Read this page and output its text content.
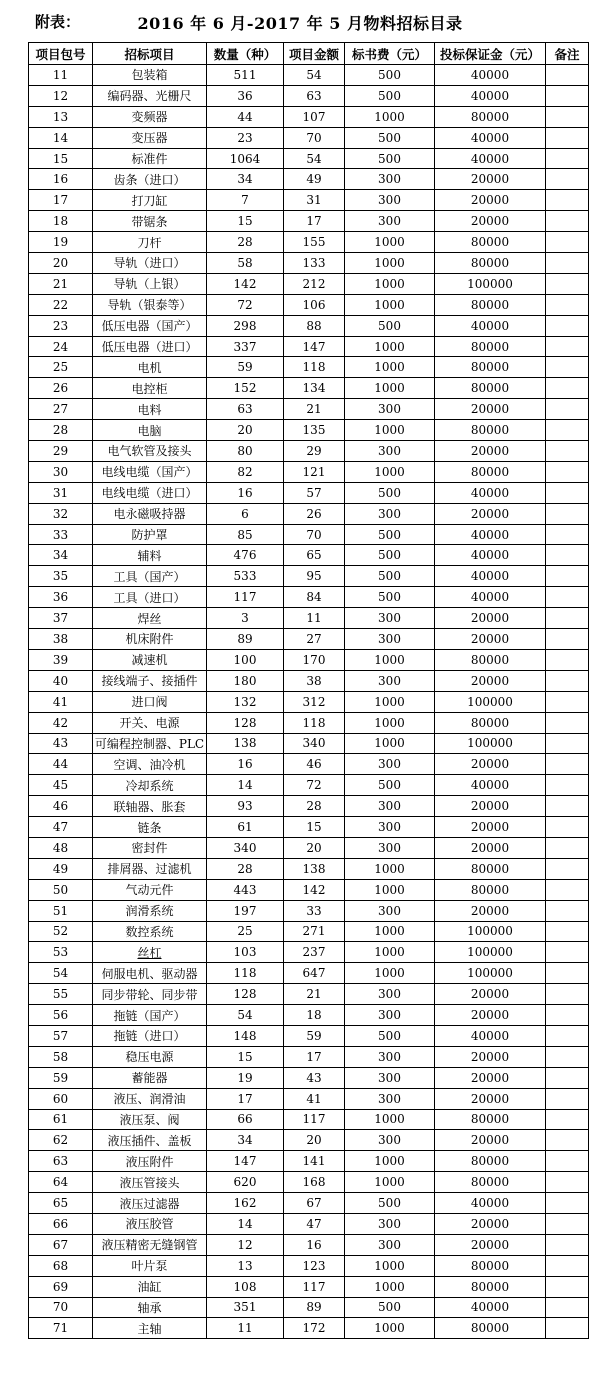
附表：	2016 年 6 月-2017 年 5 月物料招标目录
项目包号	招标项目	数量（种）	项目金额	标书费（元）	投标保证金（元）	备注
11	包装箱	511	54	500	40000	
12	编码器、光栅尺	36	63	500	40000	
13	变频器	44	107	1000	80000	
14	变压器	23	70	500	40000	
15	标准件	1064	54	500	40000	
16	齿条（进口）	34	49	300	20000	
17	打刀缸	7	31	300	20000	
18	带锯条	15	17	300	20000	
19	刀杆	28	155	1000	80000	
20	导轨（进口）	58	133	1000	80000	
21	导轨（上银）	142	212	1000	100000	
22	导轨（银泰等）	72	106	1000	80000	
23	低压电器（国产）	298	88	500	40000	
24	低压电器（进口）	337	147	1000	80000	
25	电机	59	118	1000	80000	
26	电控柜	152	134	1000	80000	
27	电料	63	21	300	20000	
28	电脑	20	135	1000	80000	
29	电气软管及接头	80	29	300	20000	
30	电线电缆（国产）	82	121	1000	80000	
31	电线电缆（进口）	16	57	500	40000	
32	电永磁吸持器	6	26	300	20000	
33	防护罩	85	70	500	40000	
34	辅料	476	65	500	40000	
35	工具（国产）	533	95	500	40000	
36	工具（进口）	117	84	500	40000	
37	焊丝	3	11	300	20000	
38	机床附件	89	27	300	20000	
39	减速机	100	170	1000	80000	
40	接线端子、接插件	180	38	300	20000	
41	进口阀	132	312	1000	100000	
42	开关、电源	128	118	1000	80000	
43	可编程控制器、PLC	138	340	1000	100000	
44	空调、油冷机	16	46	300	20000	
45	冷却系统	14	72	500	40000	
46	联轴器、胀套	93	28	300	20000	
47	链条	61	15	300	20000	
48	密封件	340	20	300	20000	
49	排屑器、过滤机	28	138	1000	80000	
50	气动元件	443	142	1000	80000	
51	润滑系统	197	33	300	20000	
52	数控系统	25	271	1000	100000	
53	丝杠	103	237	1000	100000	
54	伺服电机、驱动器	118	647	1000	100000	
55	同步带轮、同步带	128	21	300	20000	
56	拖链（国产）	54	18	300	20000	
57	拖链（进口）	148	59	500	40000	
58	稳压电源	15	17	300	20000	
59	蓄能器	19	43	300	20000	
60	液压、润滑油	17	41	300	20000	
61	液压泵、阀	66	117	1000	80000	
62	液压插件、盖板	34	20	300	20000	
63	液压附件	147	141	1000	80000	
64	液压管接头	620	168	1000	80000	
65	液压过滤器	162	67	500	40000	
66	液压胶管	14	47	300	20000	
67	液压精密无缝钢管	12	16	300	20000	
68	叶片泵	13	123	1000	80000	
69	油缸	108	117	1000	80000	
70	轴承	351	89	500	40000	
71	主轴	11	172	1000	80000	
